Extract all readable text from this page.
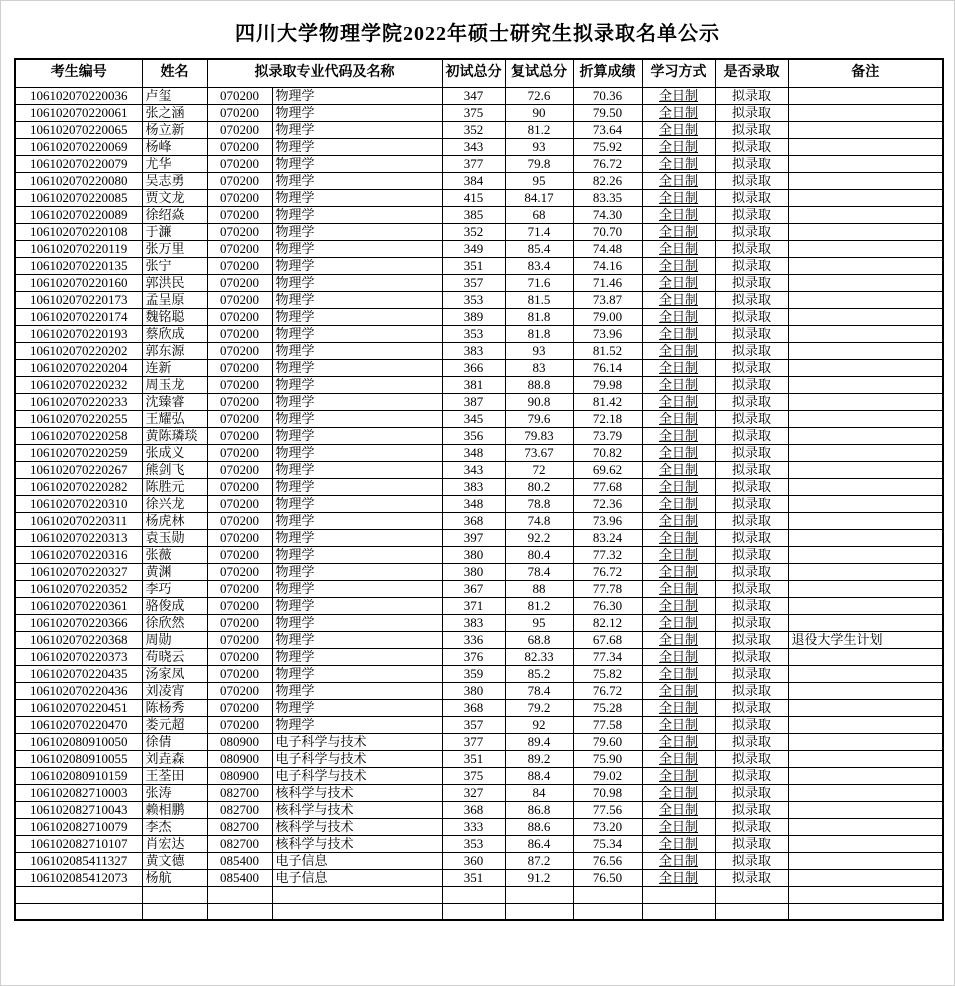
四川大学物理学院2022年硕士研究生拟录取名单公示
考生编号	姓名	拟录取专业代码及名称		初试总分	复试总分	折算成绩	学习方式	是否录取	备注
106102070220036	卢玺	070200	物理学	347	72.6	70.36	全日制	拟录取	
106102070220061	张之涵	070200	物理学	375	90	79.50	全日制	拟录取	
106102070220065	杨立新	070200	物理学	352	81.2	73.64	全日制	拟录取	
106102070220069	杨峰	070200	物理学	343	93	75.92	全日制	拟录取	
106102070220079	尤华	070200	物理学	377	79.8	76.72	全日制	拟录取	
106102070220080	吴志勇	070200	物理学	384	95	82.26	全日制	拟录取	
106102070220085	贾文龙	070200	物理学	415	84.17	83.35	全日制	拟录取	
106102070220089	徐绍焱	070200	物理学	385	68	74.30	全日制	拟录取	
106102070220108	于濂	070200	物理学	352	71.4	70.70	全日制	拟录取	
106102070220119	张万里	070200	物理学	349	85.4	74.48	全日制	拟录取	
106102070220135	张宁	070200	物理学	351	83.4	74.16	全日制	拟录取	
106102070220160	郭洪民	070200	物理学	357	71.6	71.46	全日制	拟录取	
106102070220173	孟呈原	070200	物理学	353	81.5	73.87	全日制	拟录取	
106102070220174	魏铭聪	070200	物理学	389	81.8	79.00	全日制	拟录取	
106102070220193	蔡欣成	070200	物理学	353	81.8	73.96	全日制	拟录取	
106102070220202	郭东源	070200	物理学	383	93	81.52	全日制	拟录取	
106102070220204	连新	070200	物理学	366	83	76.14	全日制	拟录取	
106102070220232	周玉龙	070200	物理学	381	88.8	79.98	全日制	拟录取	
106102070220233	沈臻睿	070200	物理学	387	90.8	81.42	全日制	拟录取	
106102070220255	王耀弘	070200	物理学	345	79.6	72.18	全日制	拟录取	
106102070220258	黄陈璘琰	070200	物理学	356	79.83	73.79	全日制	拟录取	
106102070220259	张成义	070200	物理学	348	73.67	70.82	全日制	拟录取	
106102070220267	熊剑飞	070200	物理学	343	72	69.62	全日制	拟录取	
106102070220282	陈胜元	070200	物理学	383	80.2	77.68	全日制	拟录取	
106102070220310	徐兴龙	070200	物理学	348	78.8	72.36	全日制	拟录取	
106102070220311	杨虎林	070200	物理学	368	74.8	73.96	全日制	拟录取	
106102070220313	袁玉勋	070200	物理学	397	92.2	83.24	全日制	拟录取	
106102070220316	张薇	070200	物理学	380	80.4	77.32	全日制	拟录取	
106102070220327	黄渊	070200	物理学	380	78.4	76.72	全日制	拟录取	
106102070220352	李巧	070200	物理学	367	88	77.78	全日制	拟录取	
106102070220361	骆俊成	070200	物理学	371	81.2	76.30	全日制	拟录取	
106102070220366	徐欣然	070200	物理学	383	95	82.12	全日制	拟录取	
106102070220368	周勋	070200	物理学	336	68.8	67.68	全日制	拟录取	退役大学生计划
106102070220373	苟晓云	070200	物理学	376	82.33	77.34	全日制	拟录取	
106102070220435	汤家凤	070200	物理学	359	85.2	75.82	全日制	拟录取	
106102070220436	刘凌宵	070200	物理学	380	78.4	76.72	全日制	拟录取	
106102070220451	陈杨秀	070200	物理学	368	79.2	75.28	全日制	拟录取	
106102070220470	娄元超	070200	物理学	357	92	77.58	全日制	拟录取	
106102080910050	徐倩	080900	电子科学与技术	377	89.4	79.60	全日制	拟录取	
106102080910055	刘垚森	080900	电子科学与技术	351	89.2	75.90	全日制	拟录取	
106102080910159	王荃田	080900	电子科学与技术	375	88.4	79.02	全日制	拟录取	
106102082710003	张涛	082700	核科学与技术	327	84	70.98	全日制	拟录取	
106102082710043	赖相鹏	082700	核科学与技术	368	86.8	77.56	全日制	拟录取	
106102082710079	李杰	082700	核科学与技术	333	88.6	73.20	全日制	拟录取	
106102082710107	肖宏达	082700	核科学与技术	353	86.4	75.34	全日制	拟录取	
106102085411327	黄文德	085400	电子信息	360	87.2	76.56	全日制	拟录取	
106102085412073	杨航	085400	电子信息	351	91.2	76.50	全日制	拟录取	
